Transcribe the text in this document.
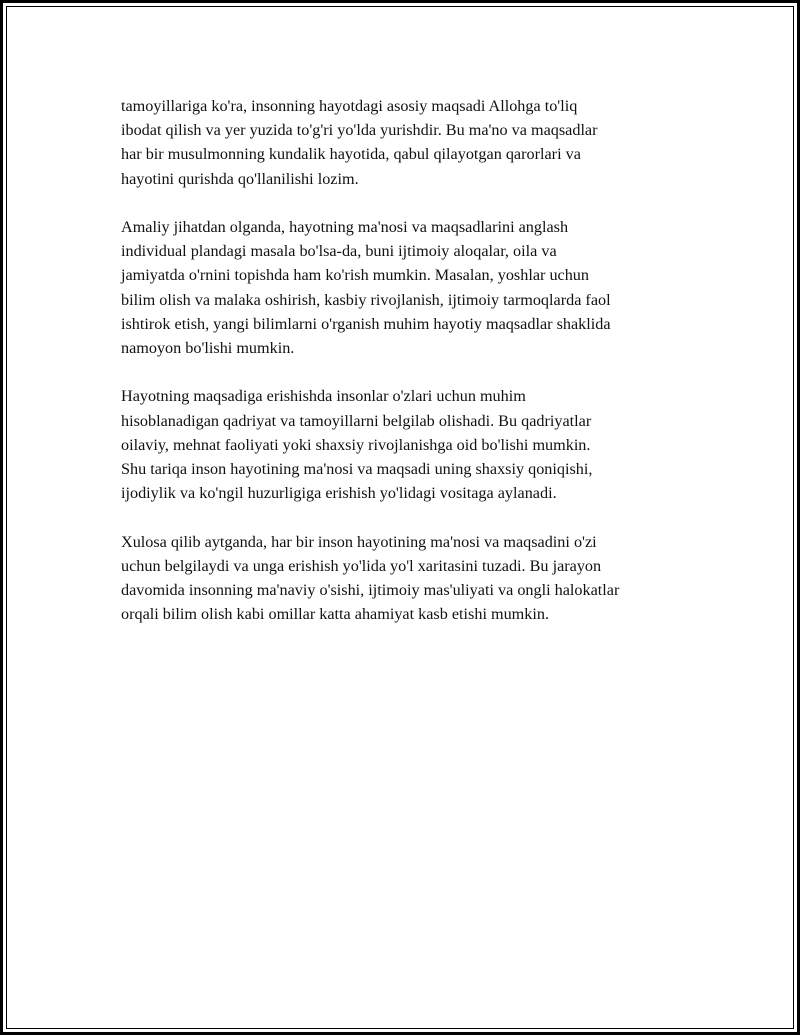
tamoyillariga ko'ra, insonning hayotdagi asosiy maqsadi Allohga to'liq
ibodat qilish va yer yuzida to'g'ri yo'lda yurishdir. Bu ma'no va maqsadlar
har bir musulmonning kundalik hayotida, qabul qilayotgan qarorlari va
hayotini qurishda qo'llanilishi lozim.

Amaliy jihatdan olganda, hayotning ma'nosi va maqsadlarini anglash
individual plandagi masala bo'lsa-da, buni ijtimoiy aloqalar, oila va
jamiyatda o'rnini topishda ham ko'rish mumkin. Masalan, yoshlar uchun
bilim olish va malaka oshirish, kasbiy rivojlanish, ijtimoiy tarmoqlarda faol
ishtirok etish, yangi bilimlarni o'rganish muhim hayotiy maqsadlar shaklida
namoyon bo'lishi mumkin.

Hayotning maqsadiga erishishda insonlar o'zlari uchun muhim
hisoblanadigan qadriyat va tamoyillarni belgilab olishadi. Bu qadriyatlar
oilaviy, mehnat faoliyati yoki shaxsiy rivojlanishga oid bo'lishi mumkin.
Shu tariqa inson hayotining ma'nosi va maqsadi uning shaxsiy qoniqishi,
ijodiylik va ko'ngil huzurligiga erishish yo'lidagi vositaga aylanadi.

Xulosa qilib aytganda, har bir inson hayotining ma'nosi va maqsadini o'zi
uchun belgilaydi va unga erishish yo'lida yo'l xaritasini tuzadi. Bu jarayon
davomida insonning ma'naviy o'sishi, ijtimoiy mas'uliyati va ongli halokatlar
orqali bilim olish kabi omillar katta ahamiyat kasb etishi mumkin.
